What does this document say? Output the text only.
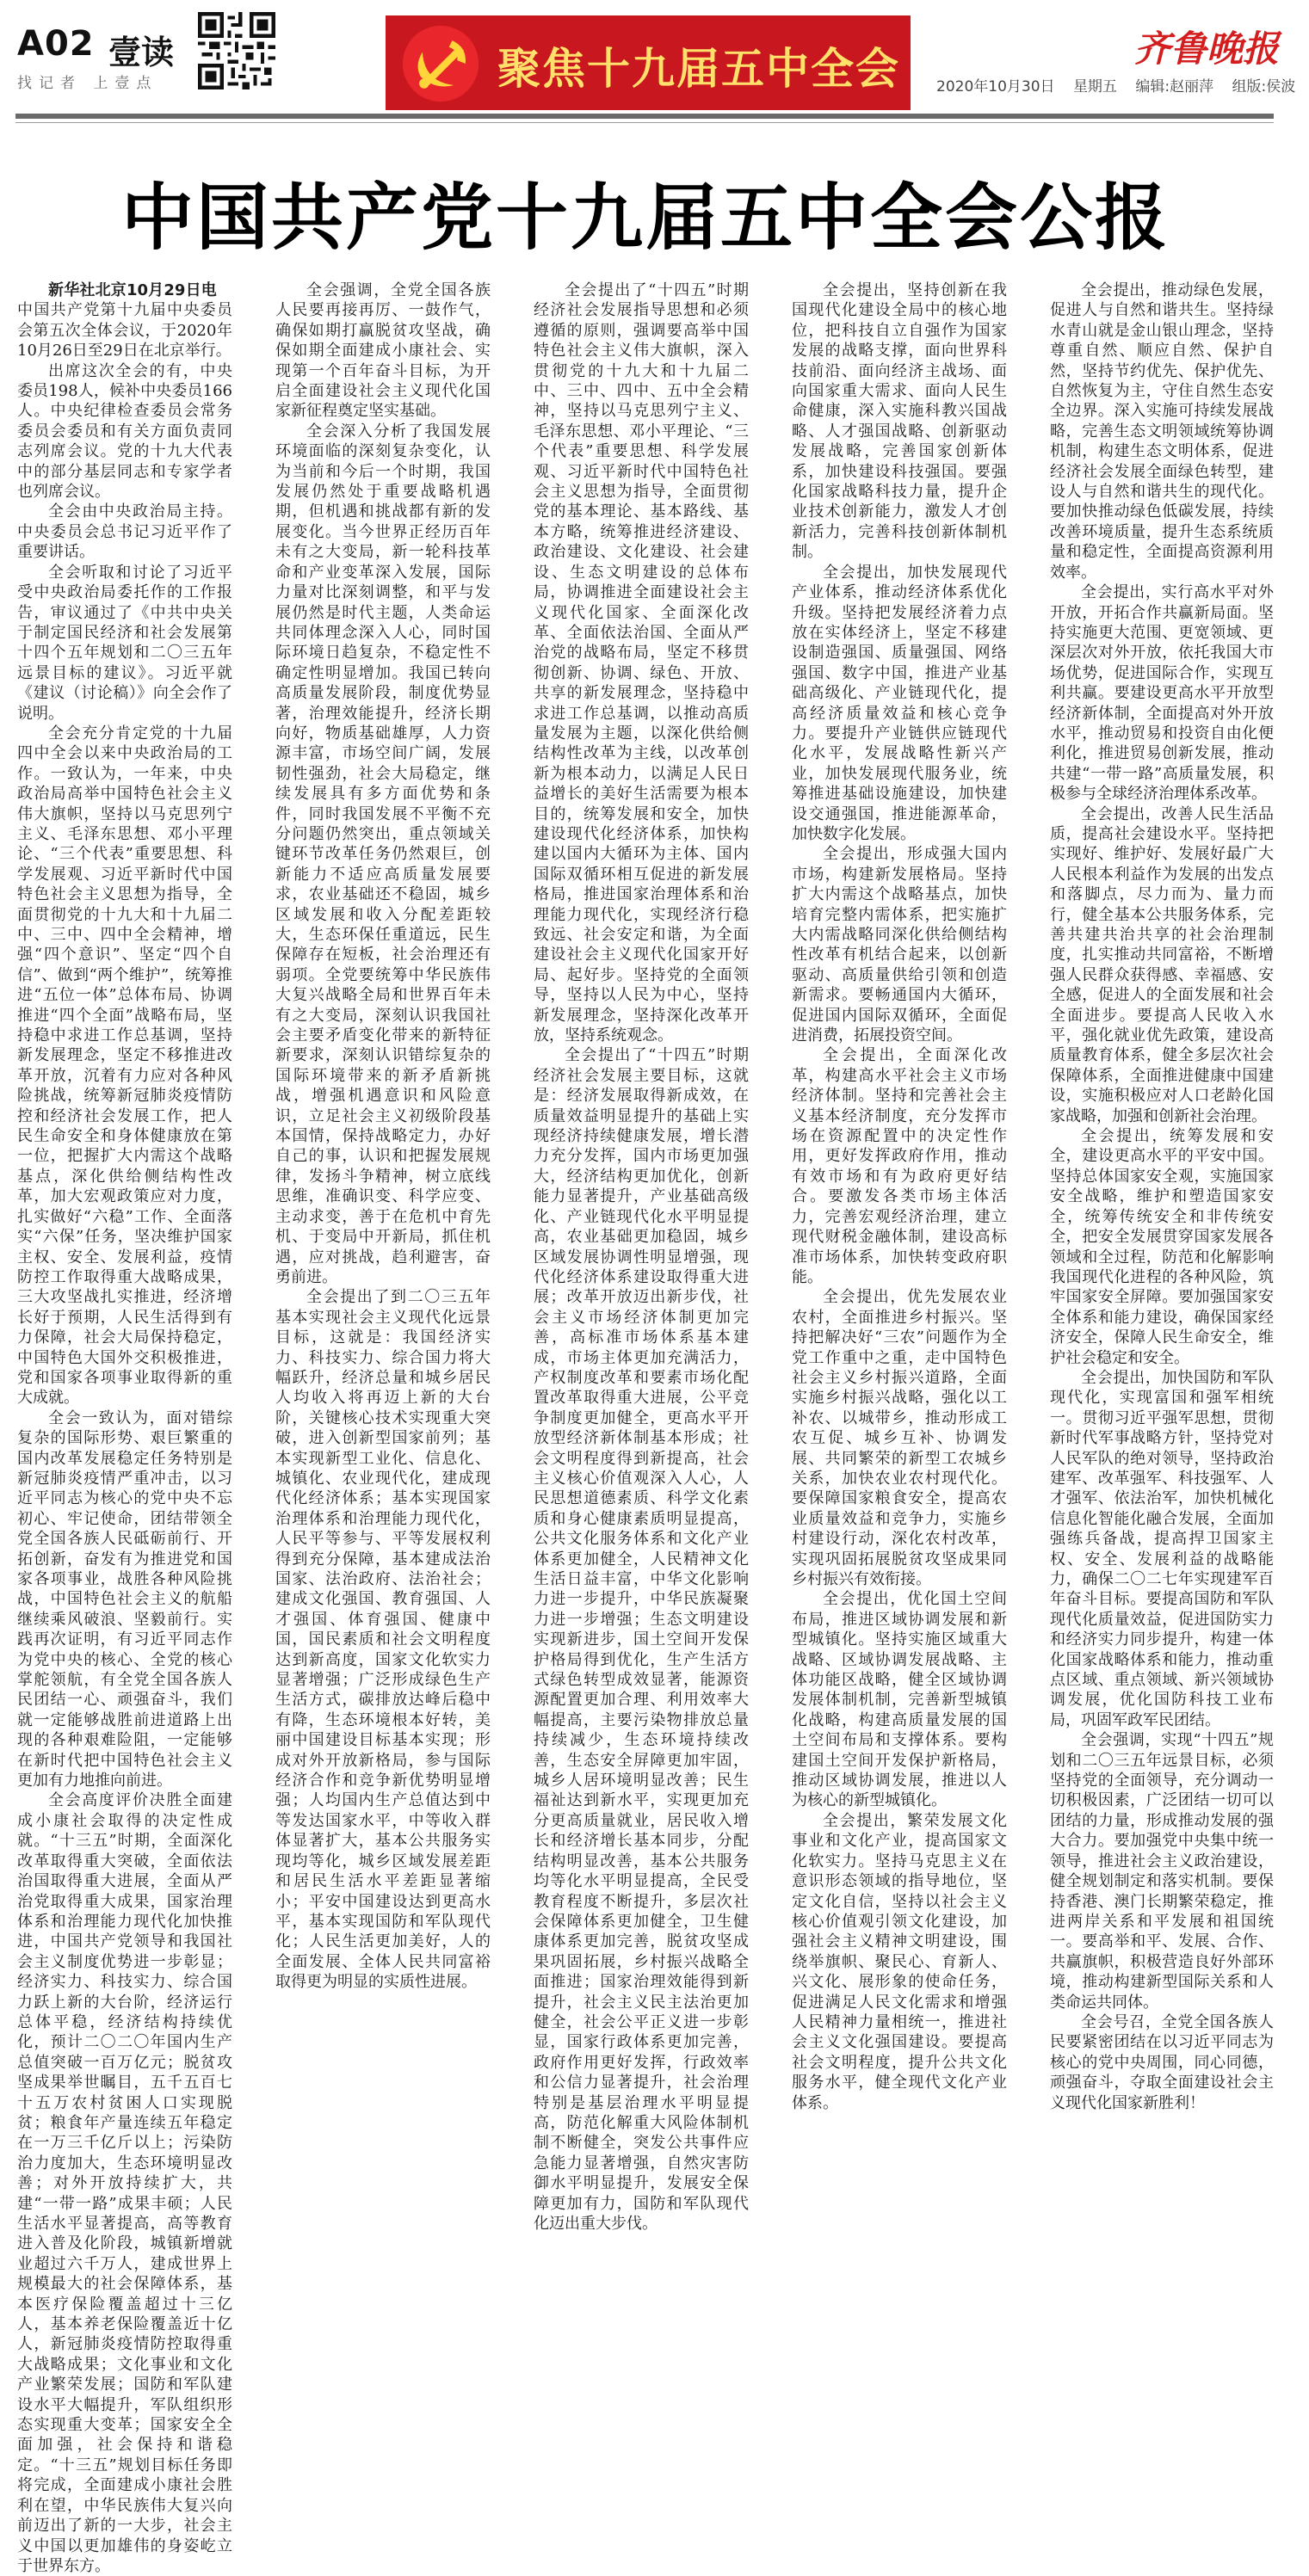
A02 壹读
找记者 上壹点	聚焦十九届五中全会	齐鲁晚报
2020年10月30日 星期五 编辑:赵丽萍 组版:侯波
中国共产党十九届五中全会公报

新华社北京10月29日电 中国共产党第十九届中央委员会第五次全体会议，于2020年10月26日至29日在北京举行。

出席这次全会的有，中央委员198人，候补中央委员166人。中央纪律检查委员会常务委员会委员和有关方面负责同志列席会议。党的十九大代表中的部分基层同志和专家学者也列席会议。

全会由中央政治局主持。中央委员会总书记习近平作了重要讲话。

全会听取和讨论了习近平受中央政治局委托作的工作报告，审议通过了《中共中央关于制定国民经济和社会发展第十四个五年规划和二〇三五年远景目标的建议》。习近平就《建议（讨论稿）》向全会作了说明。

全会充分肯定党的十九届四中全会以来中央政治局的工作。一致认为，一年来，中央政治局高举中国特色社会主义伟大旗帜，坚持以马克思列宁主义、毛泽东思想、邓小平理论、“三个代表”重要思想、科学发展观、习近平新时代中国特色社会主义思想为指导，全面贯彻党的十九大和十九届二中、三中、四中全会精神，增强“四个意识”、坚定“四个自信”、做到“两个维护”，统筹推进“五位一体”总体布局、协调推进“四个全面”战略布局，坚持稳中求进工作总基调，坚持新发展理念，坚定不移推进改革开放，沉着有力应对各种风险挑战，统筹新冠肺炎疫情防控和经济社会发展工作，把人民生命安全和身体健康放在第一位，把握扩大内需这个战略基点，深化供给侧结构性改革，加大宏观政策应对力度，扎实做好“六稳”工作、全面落实“六保”任务，坚决维护国家主权、安全、发展利益，疫情防控工作取得重大战略成果，三大攻坚战扎实推进，经济增长好于预期，人民生活得到有力保障，社会大局保持稳定，中国特色大国外交积极推进，党和国家各项事业取得新的重大成就。

全会一致认为，面对错综复杂的国际形势、艰巨繁重的国内改革发展稳定任务特别是新冠肺炎疫情严重冲击，以习近平同志为核心的党中央不忘初心、牢记使命，团结带领全党全国各族人民砥砺前行、开拓创新，奋发有为推进党和国家各项事业，战胜各种风险挑战，中国特色社会主义的航船继续乘风破浪、坚毅前行。实践再次证明，有习近平同志作为党中央的核心、全党的核心掌舵领航，有全党全国各族人民团结一心、顽强奋斗，我们就一定能够战胜前进道路上出现的各种艰难险阻，一定能够在新时代把中国特色社会主义更加有力地推向前进。

全会高度评价决胜全面建成小康社会取得的决定性成就。“十三五”时期，全面深化改革取得重大突破，全面依法治国取得重大进展，全面从严治党取得重大成果，国家治理体系和治理能力现代化加快推进，中国共产党领导和我国社会主义制度优势进一步彰显；经济实力、科技实力、综合国力跃上新的大台阶，经济运行总体平稳，经济结构持续优化，预计二〇二〇年国内生产总值突破一百万亿元；脱贫攻坚成果举世瞩目，五千五百七十五万农村贫困人口实现脱贫；粮食年产量连续五年稳定在一万三千亿斤以上；污染防治力度加大，生态环境明显改善；对外开放持续扩大，共建“一带一路”成果丰硕；人民生活水平显著提高，高等教育进入普及化阶段，城镇新增就业超过六千万人，建成世界上规模最大的社会保障体系，基本医疗保险覆盖超过十三亿人，基本养老保险覆盖近十亿人，新冠肺炎疫情防控取得重大战略成果；文化事业和文化产业繁荣发展；国防和军队建设水平大幅提升，军队组织形态实现重大变革；国家安全全面加强，社会保持和谐稳定。“十三五”规划目标任务即将完成，全面建成小康社会胜利在望，中华民族伟大复兴向前迈出了新的一大步，社会主义中国以更加雄伟的身姿屹立于世界东方。

全会强调，全党全国各族人民要再接再厉、一鼓作气，确保如期打赢脱贫攻坚战，确保如期全面建成小康社会、实现第一个百年奋斗目标，为开启全面建设社会主义现代化国家新征程奠定坚实基础。

全会深入分析了我国发展环境面临的深刻复杂变化，认为当前和今后一个时期，我国发展仍然处于重要战略机遇期，但机遇和挑战都有新的发展变化。当今世界正经历百年未有之大变局，新一轮科技革命和产业变革深入发展，国际力量对比深刻调整，和平与发展仍然是时代主题，人类命运共同体理念深入人心，同时国际环境日趋复杂，不稳定性不确定性明显增加。我国已转向高质量发展阶段，制度优势显著，治理效能提升，经济长期向好，物质基础雄厚，人力资源丰富，市场空间广阔，发展韧性强劲，社会大局稳定，继续发展具有多方面优势和条件，同时我国发展不平衡不充分问题仍然突出，重点领域关键环节改革任务仍然艰巨，创新能力不适应高质量发展要求，农业基础还不稳固，城乡区域发展和收入分配差距较大，生态环保任重道远，民生保障存在短板，社会治理还有弱项。全党要统筹中华民族伟大复兴战略全局和世界百年未有之大变局，深刻认识我国社会主要矛盾变化带来的新特征新要求，深刻认识错综复杂的国际环境带来的新矛盾新挑战，增强机遇意识和风险意识，立足社会主义初级阶段基本国情，保持战略定力，办好自己的事，认识和把握发展规律，发扬斗争精神，树立底线思维，准确识变、科学应变、主动求变，善于在危机中育先机、于变局中开新局，抓住机遇，应对挑战，趋利避害，奋勇前进。

全会提出了到二〇三五年基本实现社会主义现代化远景目标，这就是：我国经济实力、科技实力、综合国力将大幅跃升，经济总量和城乡居民人均收入将再迈上新的大台阶，关键核心技术实现重大突破，进入创新型国家前列；基本实现新型工业化、信息化、城镇化、农业现代化，建成现代化经济体系；基本实现国家治理体系和治理能力现代化，人民平等参与、平等发展权利得到充分保障，基本建成法治国家、法治政府、法治社会；建成文化强国、教育强国、人才强国、体育强国、健康中国，国民素质和社会文明程度达到新高度，国家文化软实力显著增强；广泛形成绿色生产生活方式，碳排放达峰后稳中有降，生态环境根本好转，美丽中国建设目标基本实现；形成对外开放新格局，参与国际经济合作和竞争新优势明显增强；人均国内生产总值达到中等发达国家水平，中等收入群体显著扩大，基本公共服务实现均等化，城乡区域发展差距和居民生活水平差距显著缩小；平安中国建设达到更高水平，基本实现国防和军队现代化；人民生活更加美好，人的全面发展、全体人民共同富裕取得更为明显的实质性进展。

全会提出了“十四五”时期经济社会发展指导思想和必须遵循的原则，强调要高举中国特色社会主义伟大旗帜，深入贯彻党的十九大和十九届二中、三中、四中、五中全会精神，坚持以马克思列宁主义、毛泽东思想、邓小平理论、“三个代表”重要思想、科学发展观、习近平新时代中国特色社会主义思想为指导，全面贯彻党的基本理论、基本路线、基本方略，统筹推进经济建设、政治建设、文化建设、社会建设、生态文明建设的总体布局，协调推进全面建设社会主义现代化国家、全面深化改革、全面依法治国、全面从严治党的战略布局，坚定不移贯彻创新、协调、绿色、开放、共享的新发展理念，坚持稳中求进工作总基调，以推动高质量发展为主题，以深化供给侧结构性改革为主线，以改革创新为根本动力，以满足人民日益增长的美好生活需要为根本目的，统筹发展和安全，加快建设现代化经济体系，加快构建以国内大循环为主体、国内国际双循环相互促进的新发展格局，推进国家治理体系和治理能力现代化，实现经济行稳致远、社会安定和谐，为全面建设社会主义现代化国家开好局、起好步。坚持党的全面领导，坚持以人民为中心，坚持新发展理念，坚持深化改革开放，坚持系统观念。

全会提出了“十四五”时期经济社会发展主要目标，这就是：经济发展取得新成效，在质量效益明显提升的基础上实现经济持续健康发展，增长潜力充分发挥，国内市场更加强大，经济结构更加优化，创新能力显著提升，产业基础高级化、产业链现代化水平明显提高，农业基础更加稳固，城乡区域发展协调性明显增强，现代化经济体系建设取得重大进展；改革开放迈出新步伐，社会主义市场经济体制更加完善，高标准市场体系基本建成，市场主体更加充满活力，产权制度改革和要素市场化配置改革取得重大进展，公平竞争制度更加健全，更高水平开放型经济新体制基本形成；社会文明程度得到新提高，社会主义核心价值观深入人心，人民思想道德素质、科学文化素质和身心健康素质明显提高，公共文化服务体系和文化产业体系更加健全，人民精神文化生活日益丰富，中华文化影响力进一步提升，中华民族凝聚力进一步增强；生态文明建设实现新进步，国土空间开发保护格局得到优化，生产生活方式绿色转型成效显著，能源资源配置更加合理、利用效率大幅提高，主要污染物排放总量持续减少，生态环境持续改善，生态安全屏障更加牢固，城乡人居环境明显改善；民生福祉达到新水平，实现更加充分更高质量就业，居民收入增长和经济增长基本同步，分配结构明显改善，基本公共服务均等化水平明显提高，全民受教育程度不断提升，多层次社会保障体系更加健全，卫生健康体系更加完善，脱贫攻坚成果巩固拓展，乡村振兴战略全面推进；国家治理效能得到新提升，社会主义民主法治更加健全，社会公平正义进一步彰显，国家行政体系更加完善，政府作用更好发挥，行政效率和公信力显著提升，社会治理特别是基层治理水平明显提高，防范化解重大风险体制机制不断健全，突发公共事件应急能力显著增强，自然灾害防御水平明显提升，发展安全保障更加有力，国防和军队现代化迈出重大步伐。

全会提出，坚持创新在我国现代化建设全局中的核心地位，把科技自立自强作为国家发展的战略支撑，面向世界科技前沿、面向经济主战场、面向国家重大需求、面向人民生命健康，深入实施科教兴国战略、人才强国战略、创新驱动发展战略，完善国家创新体系，加快建设科技强国。要强化国家战略科技力量，提升企业技术创新能力，激发人才创新活力，完善科技创新体制机制。

全会提出，加快发展现代产业体系，推动经济体系优化升级。坚持把发展经济着力点放在实体经济上，坚定不移建设制造强国、质量强国、网络强国、数字中国，推进产业基础高级化、产业链现代化，提高经济质量效益和核心竞争力。要提升产业链供应链现代化水平，发展战略性新兴产业，加快发展现代服务业，统筹推进基础设施建设，加快建设交通强国，推进能源革命，加快数字化发展。

全会提出，形成强大国内市场，构建新发展格局。坚持扩大内需这个战略基点，加快培育完整内需体系，把实施扩大内需战略同深化供给侧结构性改革有机结合起来，以创新驱动、高质量供给引领和创造新需求。要畅通国内大循环，促进国内国际双循环，全面促进消费，拓展投资空间。

全会提出，全面深化改革，构建高水平社会主义市场经济体制。坚持和完善社会主义基本经济制度，充分发挥市场在资源配置中的决定性作用，更好发挥政府作用，推动有效市场和有为政府更好结合。要激发各类市场主体活力，完善宏观经济治理，建立现代财税金融体制，建设高标准市场体系，加快转变政府职能。

全会提出，优先发展农业农村，全面推进乡村振兴。坚持把解决好“三农”问题作为全党工作重中之重，走中国特色社会主义乡村振兴道路，全面实施乡村振兴战略，强化以工补农、以城带乡，推动形成工农互促、城乡互补、协调发展、共同繁荣的新型工农城乡关系，加快农业农村现代化。要保障国家粮食安全，提高农业质量效益和竞争力，实施乡村建设行动，深化农村改革，实现巩固拓展脱贫攻坚成果同乡村振兴有效衔接。

全会提出，优化国土空间布局，推进区域协调发展和新型城镇化。坚持实施区域重大战略、区域协调发展战略、主体功能区战略，健全区域协调发展体制机制，完善新型城镇化战略，构建高质量发展的国土空间布局和支撑体系。要构建国土空间开发保护新格局，推动区域协调发展，推进以人为核心的新型城镇化。

全会提出，繁荣发展文化事业和文化产业，提高国家文化软实力。坚持马克思主义在意识形态领域的指导地位，坚定文化自信，坚持以社会主义核心价值观引领文化建设，加强社会主义精神文明建设，围绕举旗帜、聚民心、育新人、兴文化、展形象的使命任务，促进满足人民文化需求和增强人民精神力量相统一，推进社会主义文化强国建设。要提高社会文明程度，提升公共文化服务水平，健全现代文化产业体系。

全会提出，推动绿色发展，促进人与自然和谐共生。坚持绿水青山就是金山银山理念，坚持尊重自然、顺应自然、保护自然，坚持节约优先、保护优先、自然恢复为主，守住自然生态安全边界。深入实施可持续发展战略，完善生态文明领域统筹协调机制，构建生态文明体系，促进经济社会发展全面绿色转型，建设人与自然和谐共生的现代化。要加快推动绿色低碳发展，持续改善环境质量，提升生态系统质量和稳定性，全面提高资源利用效率。

全会提出，实行高水平对外开放，开拓合作共赢新局面。坚持实施更大范围、更宽领域、更深层次对外开放，依托我国大市场优势，促进国际合作，实现互利共赢。要建设更高水平开放型经济新体制，全面提高对外开放水平，推动贸易和投资自由化便利化，推进贸易创新发展，推动共建“一带一路”高质量发展，积极参与全球经济治理体系改革。

全会提出，改善人民生活品质，提高社会建设水平。坚持把实现好、维护好、发展好最广大人民根本利益作为发展的出发点和落脚点，尽力而为、量力而行，健全基本公共服务体系，完善共建共治共享的社会治理制度，扎实推动共同富裕，不断增强人民群众获得感、幸福感、安全感，促进人的全面发展和社会全面进步。要提高人民收入水平，强化就业优先政策，建设高质量教育体系，健全多层次社会保障体系，全面推进健康中国建设，实施积极应对人口老龄化国家战略，加强和创新社会治理。

全会提出，统筹发展和安全，建设更高水平的平安中国。坚持总体国家安全观，实施国家安全战略，维护和塑造国家安全，统筹传统安全和非传统安全，把安全发展贯穿国家发展各领域和全过程，防范和化解影响我国现代化进程的各种风险，筑牢国家安全屏障。要加强国家安全体系和能力建设，确保国家经济安全，保障人民生命安全，维护社会稳定和安全。

全会提出，加快国防和军队现代化，实现富国和强军相统一。贯彻习近平强军思想，贯彻新时代军事战略方针，坚持党对人民军队的绝对领导，坚持政治建军、改革强军、科技强军、人才强军、依法治军，加快机械化信息化智能化融合发展，全面加强练兵备战，提高捍卫国家主权、安全、发展利益的战略能力，确保二〇二七年实现建军百年奋斗目标。要提高国防和军队现代化质量效益，促进国防实力和经济实力同步提升，构建一体化国家战略体系和能力，推动重点区域、重点领域、新兴领域协调发展，优化国防科技工业布局，巩固军政军民团结。

全会强调，实现“十四五”规划和二〇三五年远景目标，必须坚持党的全面领导，充分调动一切积极因素，广泛团结一切可以团结的力量，形成推动发展的强大合力。要加强党中央集中统一领导，推进社会主义政治建设，健全规划制定和落实机制。要保持香港、澳门长期繁荣稳定，推进两岸关系和平发展和祖国统一。要高举和平、发展、合作、共赢旗帜，积极营造良好外部环境，推动构建新型国际关系和人类命运共同体。

全会号召，全党全国各族人民要紧密团结在以习近平同志为核心的党中央周围，同心同德，顽强奋斗，夺取全面建设社会主义现代化国家新胜利！
